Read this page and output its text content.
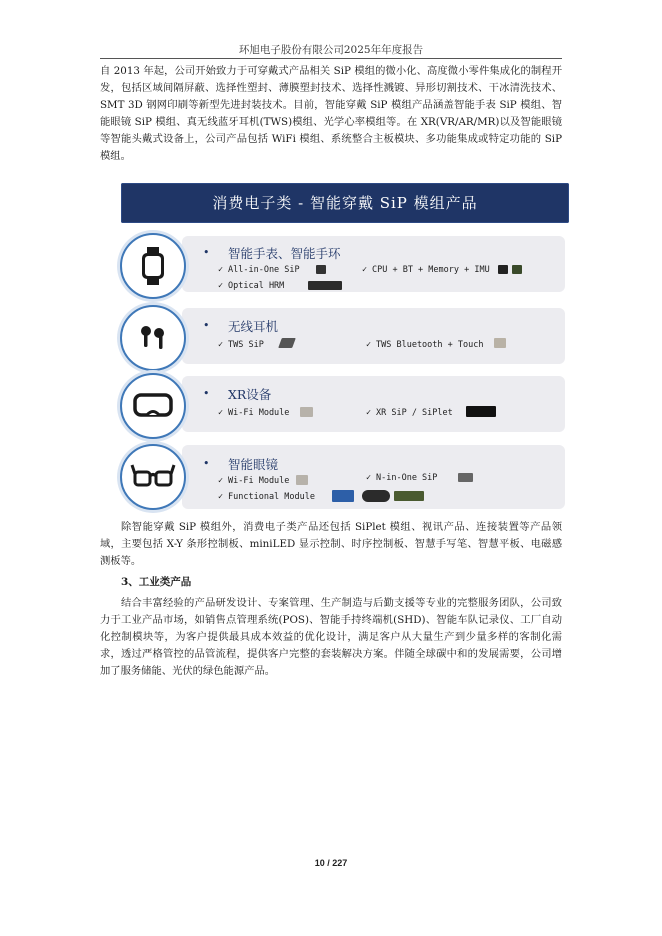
环旭电子股份有限公司2025年年度报告

自 2013 年起，公司开始致力于可穿戴式产品相关 SiP 模组的微小化、高度微小零件集成化的制程开发，包括区域间隔屏蔽、选择性塑封、薄膜塑封技术、选择性溅镀、异形切割技术、干冰清洗技术、SMT 3D 钢网印刷等新型先进封装技术。目前，智能穿戴 SiP 模组产品涵盖智能手表 SiP 模组、智能眼镜 SiP 模组、真无线蓝牙耳机(TWS)模组、光学心率模组等。在 XR(VR/AR/MR)以及智能眼镜等智能头戴式设备上，公司产品包括 WiFi 模组、系统整合主板模块、多功能集成或特定功能的 SiP 模组。

消费电子类 - 智能穿戴 SiP 模组产品
• 智能手表、智能手环
✓ All-in-One SiP	✓ CPU + BT + Memory + IMU
✓ Optical HRM
• 无线耳机
✓ TWS SiP	✓ TWS Bluetooth + Touch
• XR设备
✓ Wi-Fi Module	✓ XR SiP / SiPlet
• 智能眼镜
✓ Wi-Fi Module	✓ N-in-One SiP
✓ Functional Module

除智能穿戴 SiP 模组外，消费电子类产品还包括 SiPlet 模组、视讯产品、连接装置等产品领域，主要包括 X-Y 条形控制板、miniLED 显示控制、时序控制板、智慧手写笔、智慧平板、电磁感测板等。

3、工业类产品

结合丰富经验的产品研发设计、专案管理、生产制造与后勤支援等专业的完整服务团队，公司致力于工业产品市场，如销售点管理系统(POS)、智能手持终端机(SHD)、智能车队记录仪、工厂自动化控制模块等，为客户提供最具成本效益的优化设计，满足客户从大量生产到少量多样的客制化需求，透过严格管控的品管流程，提供客户完整的套装解决方案。伴随全球碳中和的发展需要，公司增加了服务储能、光伏的绿色能源产品。

10 / 227
